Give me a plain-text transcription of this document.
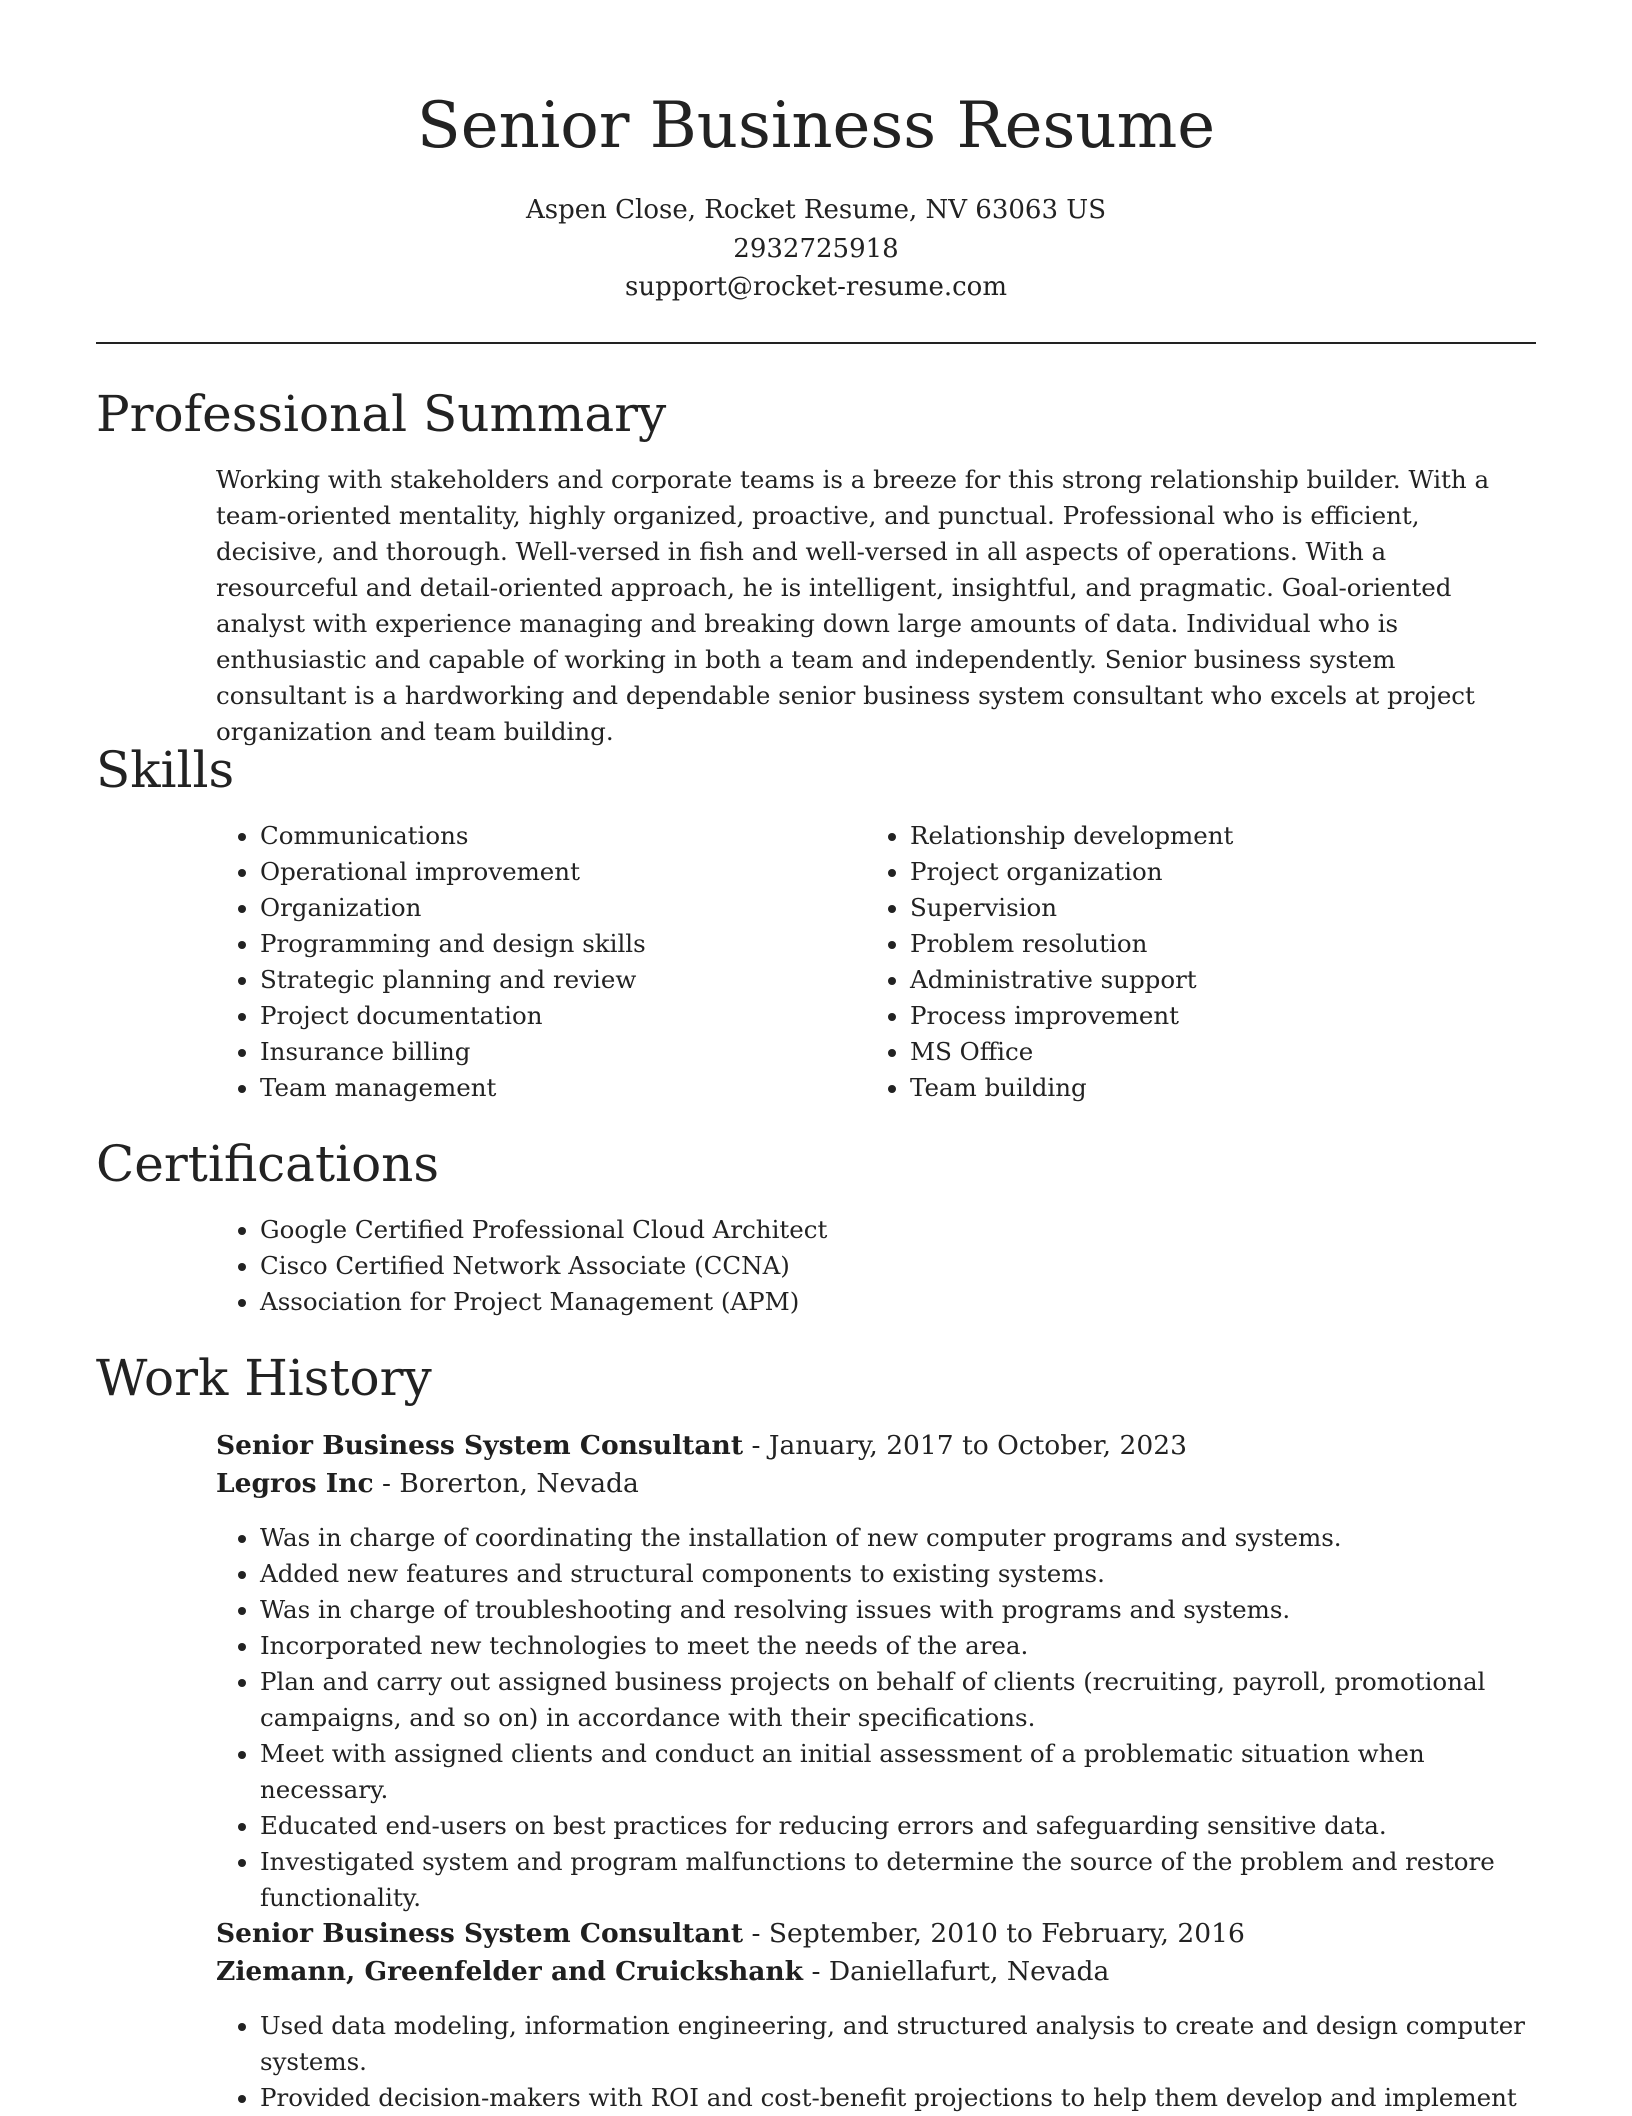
Senior Business Resume
Aspen Close, Rocket Resume, NV 63063 US
2932725918
support@rocket-resume.com
Professional Summary

Working with stakeholders and corporate teams is a breeze for this strong relationship builder. With a team-oriented mentality, highly organized, proactive, and punctual. Professional who is efficient, decisive, and thorough. Well-versed in fish and well-versed in all aspects of operations. With a resourceful and detail-oriented approach, he is intelligent, insightful, and pragmatic. Goal-oriented analyst with experience managing and breaking down large amounts of data. Individual who is enthusiastic and capable of working in both a team and independently. Senior business system consultant is a hardworking and dependable senior business system consultant who excels at project organization and team building.

Skills
• Communications
• Operational improvement
• Organization
• Programming and design skills
• Strategic planning and review
• Project documentation
• Insurance billing
• Team management
• Relationship development
• Project organization
• Supervision
• Problem resolution
• Administrative support
• Process improvement
• MS Office
• Team building
Certifications
• Google Certified Professional Cloud Architect
• Cisco Certified Network Associate (CCNA)
• Association for Project Management (APM)
Work History
Senior Business System Consultant - January, 2017 to October, 2023
Legros Inc - Borerton, Nevada
• Was in charge of coordinating the installation of new computer programs and systems.
• Added new features and structural components to existing systems.
• Was in charge of troubleshooting and resolving issues with programs and systems.
• Incorporated new technologies to meet the needs of the area.
• Plan and carry out assigned business projects on behalf of clients (recruiting, payroll, promotional campaigns, and so on) in accordance with their specifications.
• Meet with assigned clients and conduct an initial assessment of a problematic situation when necessary.
• Educated end-users on best practices for reducing errors and safeguarding sensitive data.
• Investigated system and program malfunctions to determine the source of the problem and restore functionality.
Senior Business System Consultant - September, 2010 to February, 2016
Ziemann, Greenfelder and Cruickshank - Daniellafurt, Nevada
• Used data modeling, information engineering, and structured analysis to create and design computer systems.
• Provided decision-makers with ROI and cost-benefit projections to help them develop and implement
